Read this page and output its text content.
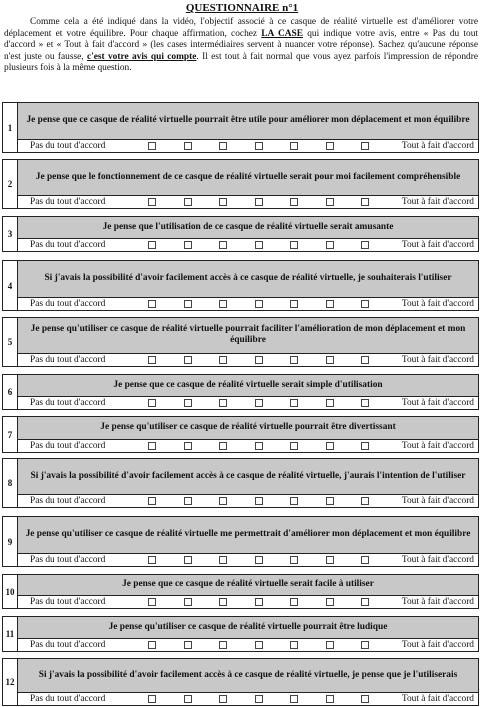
QUESTIONNAIRE n°1

Comme cela a été indiqué dans la vidéo, l'objectif associé à ce casque de réalité virtuelle est d'améliorer votre déplacement et votre équilibre. Pour chaque affirmation, cochez LA CASE qui indique votre avis, entre « Pas du tout d'accord » et « Tout à fait d'accord » (les cases intermédiaires servent à nuancer votre réponse). Sachez qu'aucune réponse n'est juste ou fausse, c'est votre avis qui compte. Il est tout à fait normal que vous ayez parfois l'impression de répondre plusieurs fois à la même question.

1
Je pense que ce casque de réalité virtuelle pourrait être utile pour améliorer mon déplacement et mon équilibre
Pas du tout d'accord	Tout à fait d'accord
2
Je pense que le fonctionnement de ce casque de réalité virtuelle serait pour moi facilement compréhensible
Pas du tout d'accord	Tout à fait d'accord
3
Je pense que l'utilisation de ce casque de réalité virtuelle serait amusante
Pas du tout d'accord	Tout à fait d'accord
4
Si j'avais la possibilité d'avoir facilement accès à ce casque de réalité virtuelle, je souhaiterais l'utiliser
Pas du tout d'accord	Tout à fait d'accord
5
Je pense qu'utiliser ce casque de réalité virtuelle pourrait faciliter l'amélioration de mon déplacement et mon équilibre
Pas du tout d'accord	Tout à fait d'accord
6
Je pense que ce casque de réalité virtuelle serait simple d'utilisation
Pas du tout d'accord	Tout à fait d'accord
7
Je pense qu'utiliser ce casque de réalité virtuelle pourrait être divertissant
Pas du tout d'accord	Tout à fait d'accord
8
Si j'avais la possibilité d'avoir facilement accès à ce casque de réalité virtuelle, j'aurais l'intention de l'utiliser
Pas du tout d'accord	Tout à fait d'accord
9
Je pense qu'utiliser ce casque de réalité virtuelle me permettrait d'améliorer mon déplacement et mon équilibre
Pas du tout d'accord	Tout à fait d'accord
10
Je pense que ce casque de réalité virtuelle serait facile à utiliser
Pas du tout d'accord	Tout à fait d'accord
11
Je pense qu'utiliser ce casque de réalité virtuelle pourrait être ludique
Pas du tout d'accord	Tout à fait d'accord
12
Si j'avais la possibilité d'avoir facilement accès à ce casque de réalité virtuelle, je pense que je l'utiliserais
Pas du tout d'accord	Tout à fait d'accord
